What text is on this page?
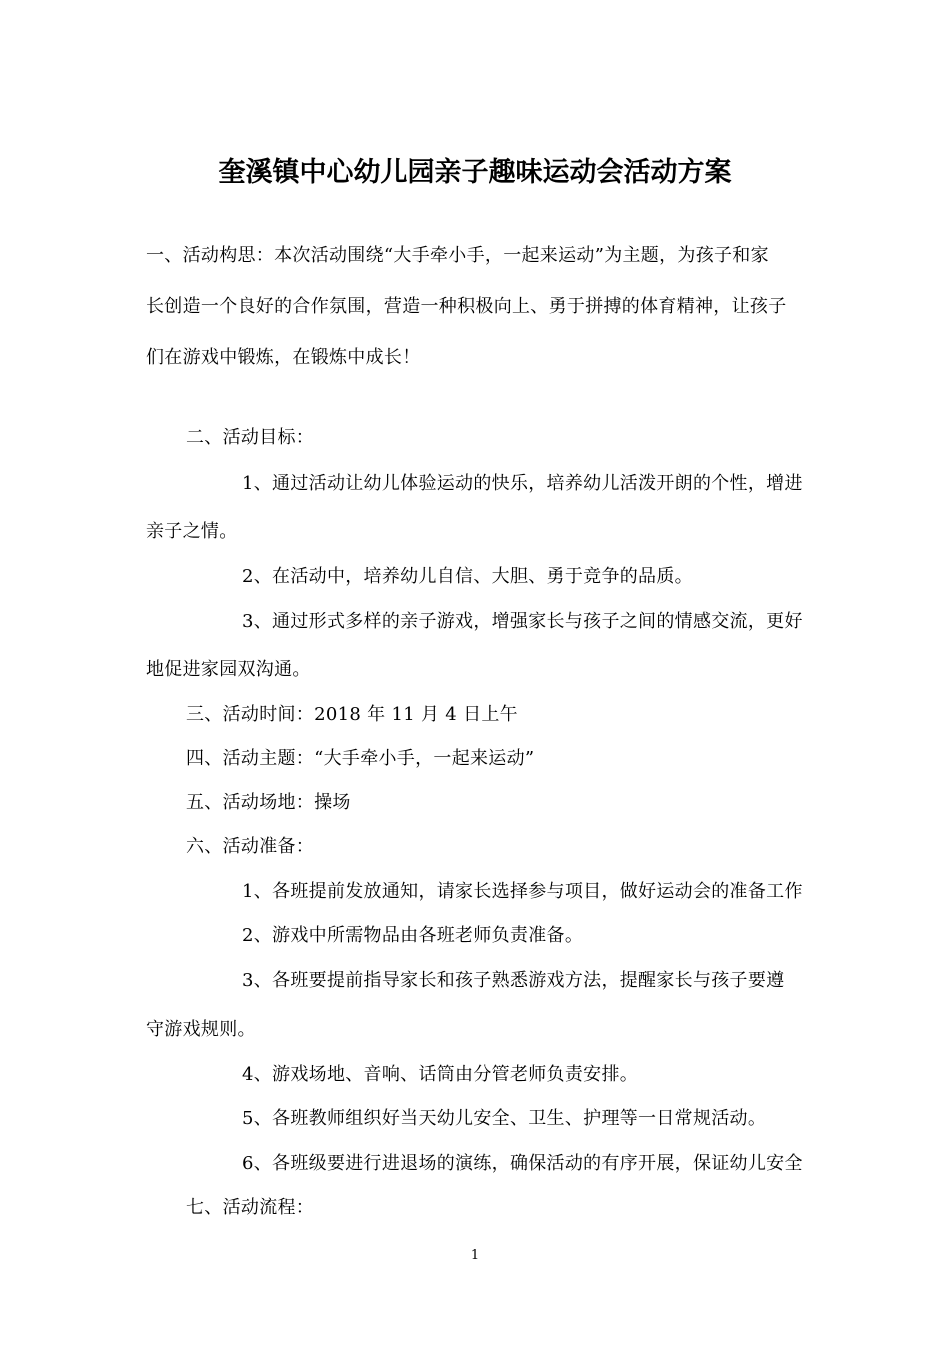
奎溪镇中心幼儿园亲子趣味运动会活动方案
一、活动构思：本次活动围绕“大手牵小手，一起来运动”为主题，为孩子和家
长创造一个良好的合作氛围，营造一种积极向上、勇于拼搏的体育精神，让孩子
们在游戏中锻炼，在锻炼中成长！
二、活动目标：
1、通过活动让幼儿体验运动的快乐，培养幼儿活泼开朗的个性，增进
亲子之情。
2、在活动中，培养幼儿自信、大胆、勇于竞争的品质。
3、通过形式多样的亲子游戏，增强家长与孩子之间的情感交流，更好
地促进家园双沟通。
三、活动时间：2018 年 11 月 4 日上午
四、活动主题：“大手牵小手，一起来运动”
五、活动场地：操场
六、活动准备：
1、各班提前发放通知，请家长选择参与项目，做好运动会的准备工作
2、游戏中所需物品由各班老师负责准备。
3、各班要提前指导家长和孩子熟悉游戏方法，提醒家长与孩子要遵
守游戏规则。
4、游戏场地、音响、话筒由分管老师负责安排。
5、各班教师组织好当天幼儿安全、卫生、护理等一日常规活动。
6、各班级要进行进退场的演练，确保活动的有序开展，保证幼儿安全
七、活动流程：
1
